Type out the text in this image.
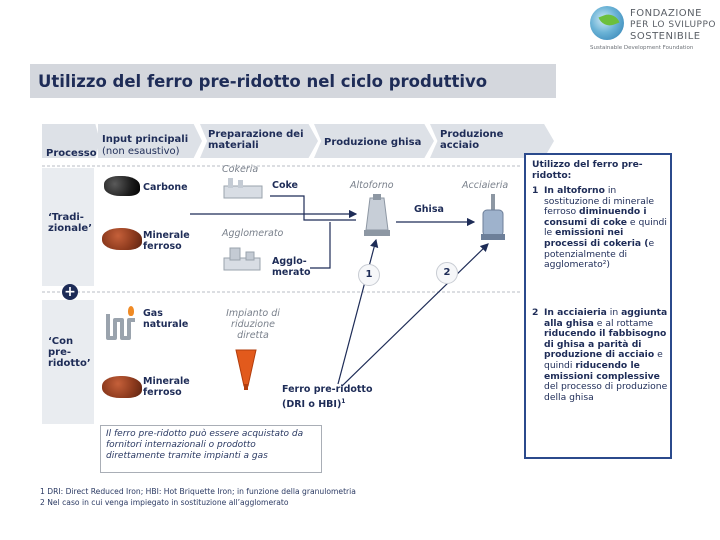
FONDAZIONE
PER LO SVILUPPO
SOSTENIBILE
Sustainable Development Foundation
Utilizzo del ferro pre-ridotto nel ciclo produttivo
Processo
Input principali
(non esaustivo)
Preparazione dei materiali	Produzione ghisa
Produzione acciaio
‘Tradi- zionale’
+
‘Con pre- ridotto’
Carbone
Minerale ferroso
Gas naturale
Minerale ferroso
Cokeria
Coke
Agglomerato
Agglo- merato
Impianto di riduzione diretta
Altoforno
Ghisa
Acciaieria
1	2
Ferro pre-ridotto
(DRI o HBI)$^1$
Il ferro pre-ridotto può essere acquistato da fornitori internazionali o prodotto direttamente tramite impianti a gas
Utilizzo del ferro pre-ridotto:
1 In altoforno in sostituzione di minerale ferroso diminuendo i consumi di coke e quindi le emissioni nei processi di cokeria (e potenzialmente di agglomerato²)
2 In acciaieria in aggiunta alla ghisa e al rottame riducendo il fabbisogno di ghisa a parità di produzione di acciaio e quindi riducendo le emissioni complessive del processo di produzione della ghisa
1 DRI: Direct Reduced Iron; HBI: Hot Briquette Iron; in funzione della granulometria
2 Nel caso in cui venga impiegato in sostituzione all’agglomerato
